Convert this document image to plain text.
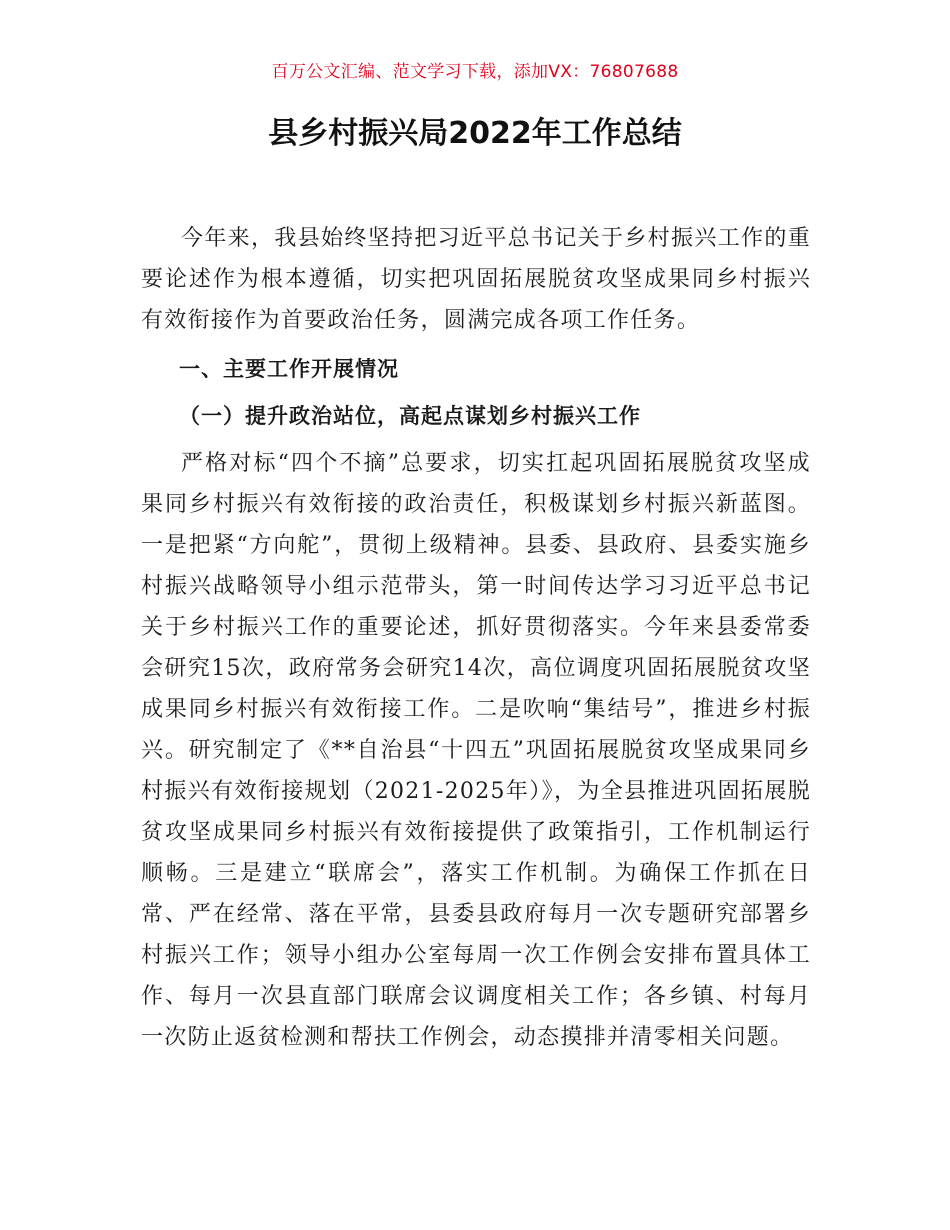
百万公文汇编、范文学习下载，添加VX：76807688
县乡村振兴局2022年工作总结

今年来，我县始终坚持把习近平总书记关于乡村振兴工作的重要论述作为根本遵循，切实把巩固拓展脱贫攻坚成果同乡村振兴有效衔接作为首要政治任务，圆满完成各项工作任务。

一、主要工作开展情况

（一）提升政治站位，高起点谋划乡村振兴工作

严格对标“四个不摘”总要求，切实扛起巩固拓展脱贫攻坚成果同乡村振兴有效衔接的政治责任，积极谋划乡村振兴新蓝图。一是把紧“方向舵”，贯彻上级精神。县委、县政府、县委实施乡村振兴战略领导小组示范带头，第一时间传达学习习近平总书记关于乡村振兴工作的重要论述，抓好贯彻落实。今年来县委常委会研究15次，政府常务会研究14次，高位调度巩固拓展脱贫攻坚成果同乡村振兴有效衔接工作。二是吹响“集结号”，推进乡村振兴。研究制定了《**自治县“十四五”巩固拓展脱贫攻坚成果同乡村振兴有效衔接规划（2021-2025年）》，为全县推进巩固拓展脱贫攻坚成果同乡村振兴有效衔接提供了政策指引，工作机制运行顺畅。三是建立“联席会”，落实工作机制。为确保工作抓在日常、严在经常、落在平常，县委县政府每月一次专题研究部署乡村振兴工作；领导小组办公室每周一次工作例会安排布置具体工作、每月一次县直部门联席会议调度相关工作；各乡镇、村每月一次防止返贫检测和帮扶工作例会，动态摸排并清零相关问题。
